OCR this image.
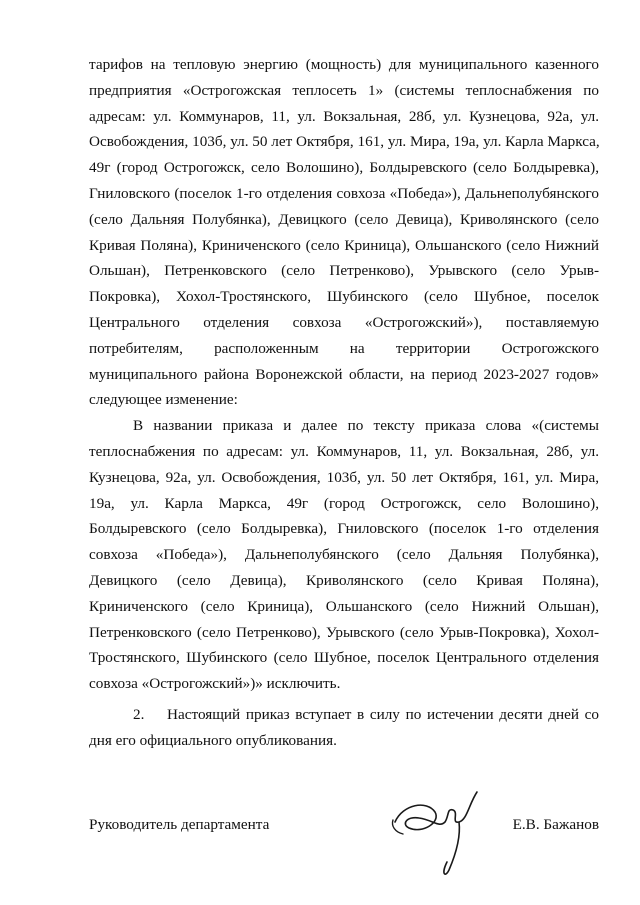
тарифов на тепловую энергию (мощность) для муниципального казенного
предприятия «Острогожская теплосеть 1» (системы теплоснабжения по
адресам: ул. Коммунаров, 11, ул. Вокзальная, 28б, ул. Кузнецова, 92а, ул.
Освобождения, 103б, ул. 50 лет Октября, 161, ул. Мира, 19а, ул. Карла Маркса,
49г (город Острогожск, село Волошино), Болдыревского (село Болдыревка),
Гниловского (поселок 1-го отделения совхоза «Победа»), Дальнеполубянского
(село Дальняя Полубянка), Девицкого (село Девица), Криволянского (село
Кривая Поляна), Криниченского (село Криница), Ольшанского (село Нижний
Ольшан), Петренковского (село Петренково), Урывского (село Урыв-
Покровка), Хохол-Тростянского, Шубинского (село Шубное, поселок
Центрального отделения совхоза «Острогожский»), поставляемую
потребителям, расположенным на территории Острогожского
муниципального района Воронежской области, на период 2023-2027 годов»
следующее изменение:

В названии приказа и далее по тексту приказа слова «(системы
теплоснабжения по адресам: ул. Коммунаров, 11, ул. Вокзальная, 28б, ул.
Кузнецова, 92а, ул. Освобождения, 103б, ул. 50 лет Октября, 161, ул. Мира,
19а, ул. Карла Маркса, 49г (город Острогожск, село Волошино),
Болдыревского (село Болдыревка), Гниловского (поселок 1-го отделения
совхоза «Победа»), Дальнеполубянского (село Дальняя Полубянка),
Девицкого (село Девица), Криволянского (село Кривая Поляна),
Криниченского (село Криница), Ольшанского (село Нижний Ольшан),
Петренковского (село Петренково), Урывского (село Урыв-Покровка), Хохол-
Тростянского, Шубинского (село Шубное, поселок Центрального отделения
совхоза «Острогожский»)» исключить.

2.    Настоящий приказ вступает в силу по истечении десяти дней со
дня его официального опубликования.

Руководитель департамента	Е.В. Бажанов
